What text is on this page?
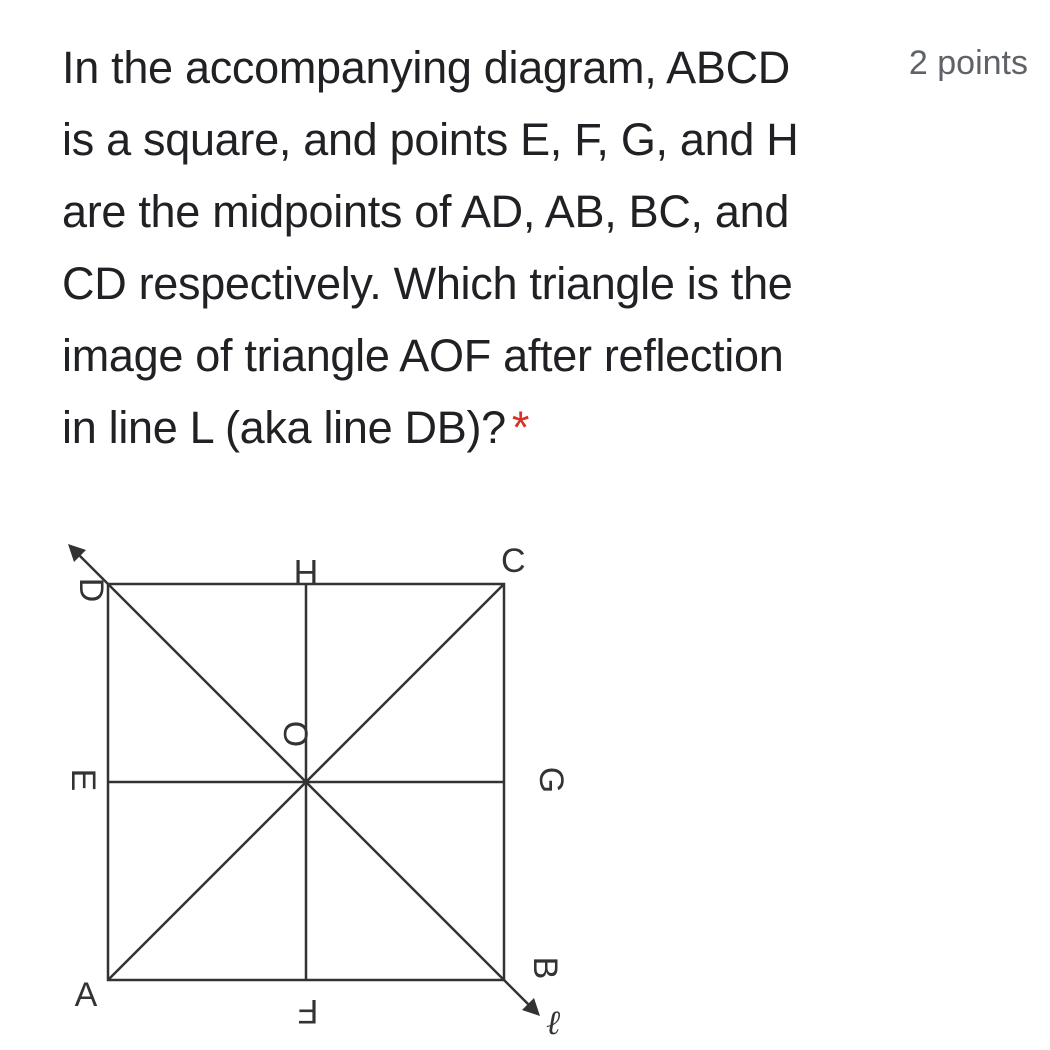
In the accompanying diagram, ABCD
is a square, and points E, F, G, and H
are the midpoints of AD, AB, BC, and
CD respectively. Which triangle is the
image of triangle AOF after reflection
in line L (aka line DB)? *
2 points
D	H	C
E
O
G
B
A	F	ℓ
